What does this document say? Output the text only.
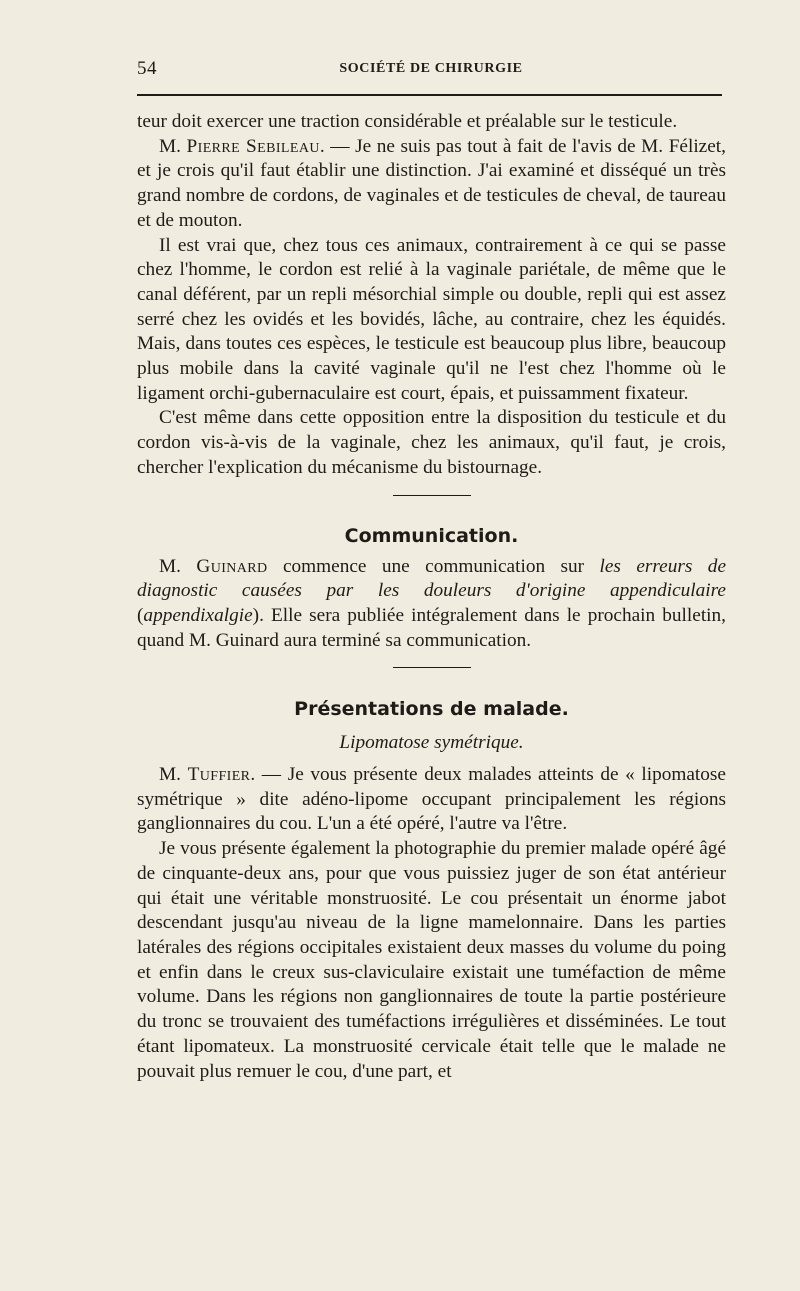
54	SOCIÉTÉ DE CHIRURGIE

teur doit exercer une traction considérable et préalable sur le testicule.

M. Pierre Sebileau. — Je ne suis pas tout à fait de l'avis de M. Félizet, et je crois qu'il faut établir une distinction. J'ai examiné et disséqué un très grand nombre de cordons, de vaginales et de testicules de cheval, de taureau et de mouton.

Il est vrai que, chez tous ces animaux, contrairement à ce qui se passe chez l'homme, le cordon est relié à la vaginale pariétale, de même que le canal déférent, par un repli mésorchial simple ou double, repli qui est assez serré chez les ovidés et les bovidés, lâche, au contraire, chez les équidés. Mais, dans toutes ces espèces, le testicule est beaucoup plus libre, beaucoup plus mobile dans la cavité vaginale qu'il ne l'est chez l'homme où le ligament orchi-gubernaculaire est court, épais, et puissamment fixateur.

C'est même dans cette opposition entre la disposition du testicule et du cordon vis-à-vis de la vaginale, chez les animaux, qu'il faut, je crois, chercher l'explication du mécanisme du bistournage.

Communication.

M. Guinard commence une communication sur les erreurs de diagnostic causées par les douleurs d'origine appendiculaire (appendixalgie). Elle sera publiée intégralement dans le prochain bulletin, quand M. Guinard aura terminé sa communication.

Présentations de malade.
Lipomatose symétrique.

M. Tuffier. — Je vous présente deux malades atteints de « lipomatose symétrique » dite adéno-lipome occupant principalement les régions ganglionnaires du cou. L'un a été opéré, l'autre va l'être.

Je vous présente également la photographie du premier malade opéré âgé de cinquante-deux ans, pour que vous puissiez juger de son état antérieur qui était une véritable monstruosité. Le cou présentait un énorme jabot descendant jusqu'au niveau de la ligne mamelonnaire. Dans les parties latérales des régions occipitales existaient deux masses du volume du poing et enfin dans le creux sus-claviculaire existait une tuméfaction de même volume. Dans les régions non ganglionnaires de toute la partie postérieure du tronc se trouvaient des tuméfactions irrégulières et disséminées. Le tout étant lipomateux. La monstruosité cervicale était telle que le malade ne pouvait plus remuer le cou, d'une part, et
